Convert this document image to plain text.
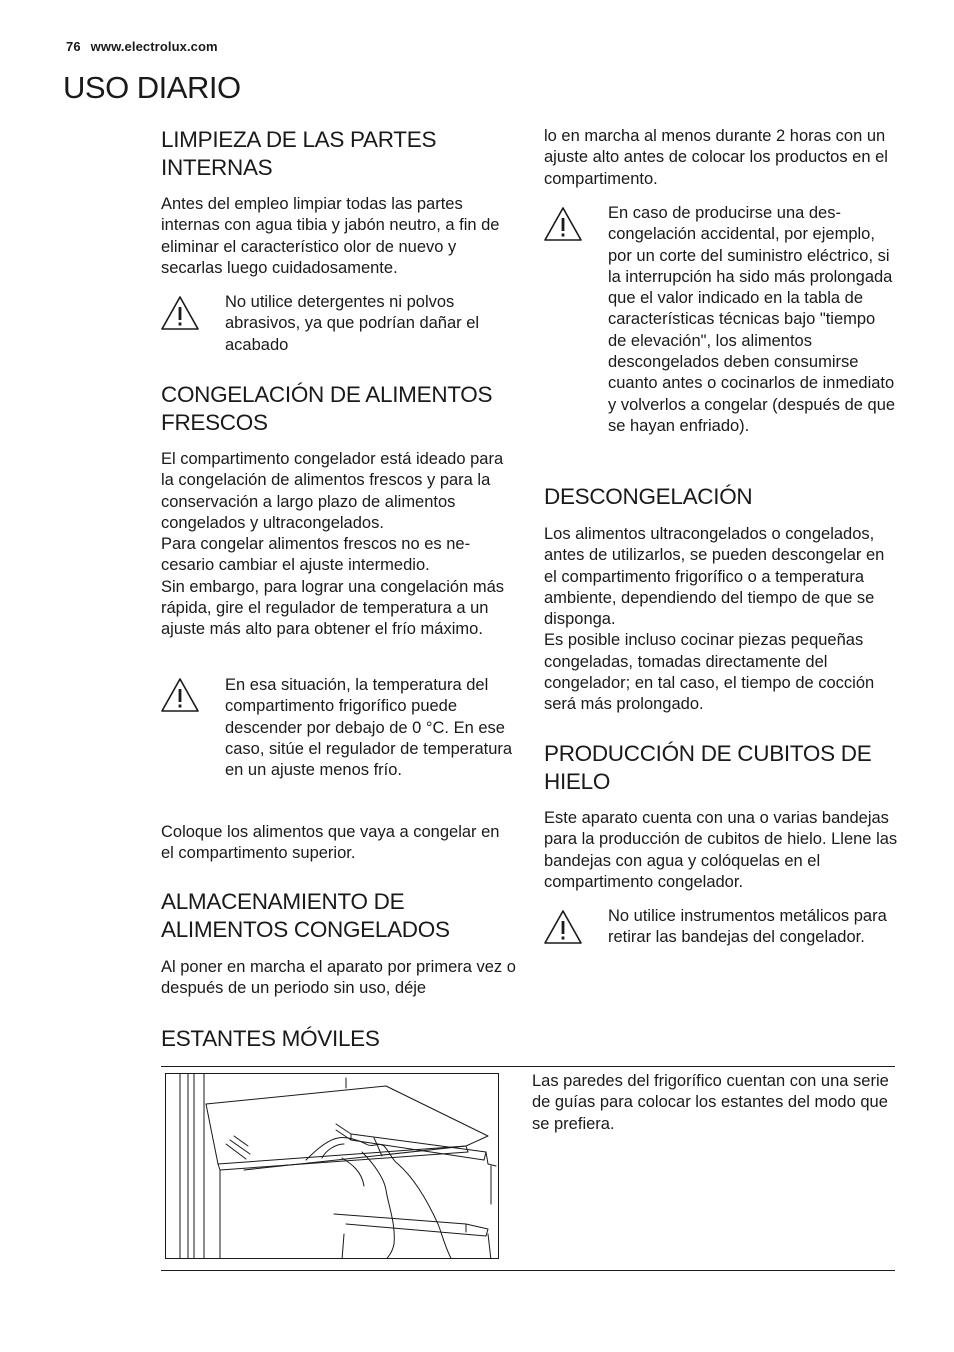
76 www.electrolux.com
USO DIARIO
LIMPIEZA DE LAS PARTES
INTERNAS

Antes del empleo limpiar todas las partes internas con agua tibia y jabón neutro, a fin de eliminar el característico olor de nuevo y secarlas luego cuidadosamente.

No utilice detergentes ni polvos abrasivos, ya que podrían dañar el acabado

CONGELACIÓN DE ALIMENTOS
FRESCOS

El compartimento congelador está ideado para la congelación de alimentos frescos y para la conservación a largo plazo de alimentos congelados y ultracongelados.
Para congelar alimentos frescos no es necesario cambiar el ajuste intermedio.
Sin embargo, para lograr una congelación más rápida, gire el regulador de temperatura a un ajuste más alto para obtener el frío máximo.

En esa situación, la temperatura del compartimento frigorífico puede descender por debajo de 0 °C. En ese caso, sitúe el regulador de temperatura en un ajuste menos frío.

Coloque los alimentos que vaya a congelar en el compartimento superior.

ALMACENAMIENTO DE
ALIMENTOS CONGELADOS

Al poner en marcha el aparato por primera vez o después de un periodo sin uso, déje

lo en marcha al menos durante 2 horas con un ajuste alto antes de colocar los productos en el compartimento.

En caso de producirse una descongelación accidental, por ejemplo, por un corte del suministro eléctrico, si la interrupción ha sido más prolongada que el valor indicado en la tabla de características técnicas bajo "tiempo de elevación", los alimentos descongelados deben consumirse cuanto antes o cocinarlos de inmediato y volverlos a congelar (después de que se hayan enfriado).

DESCONGELACIÓN

Los alimentos ultracongelados o congelados, antes de utilizarlos, se pueden descongelar en el compartimento frigorífico o a temperatura ambiente, dependiendo del tiempo de que se disponga.
Es posible incluso cocinar piezas pequeñas congeladas, tomadas directamente del congelador; en tal caso, el tiempo de cocción será más prolongado.

PRODUCCIÓN DE CUBITOS DE
HIELO

Este aparato cuenta con una o varias bandejas para la producción de cubitos de hielo. Llene las bandejas con agua y colóquelas en el compartimento congelador.

No utilice instrumentos metálicos para retirar las bandejas del congelador.

ESTANTES MÓVILES

Las paredes del frigorífico cuentan con una serie de guías para colocar los estantes del modo que se prefiera.
